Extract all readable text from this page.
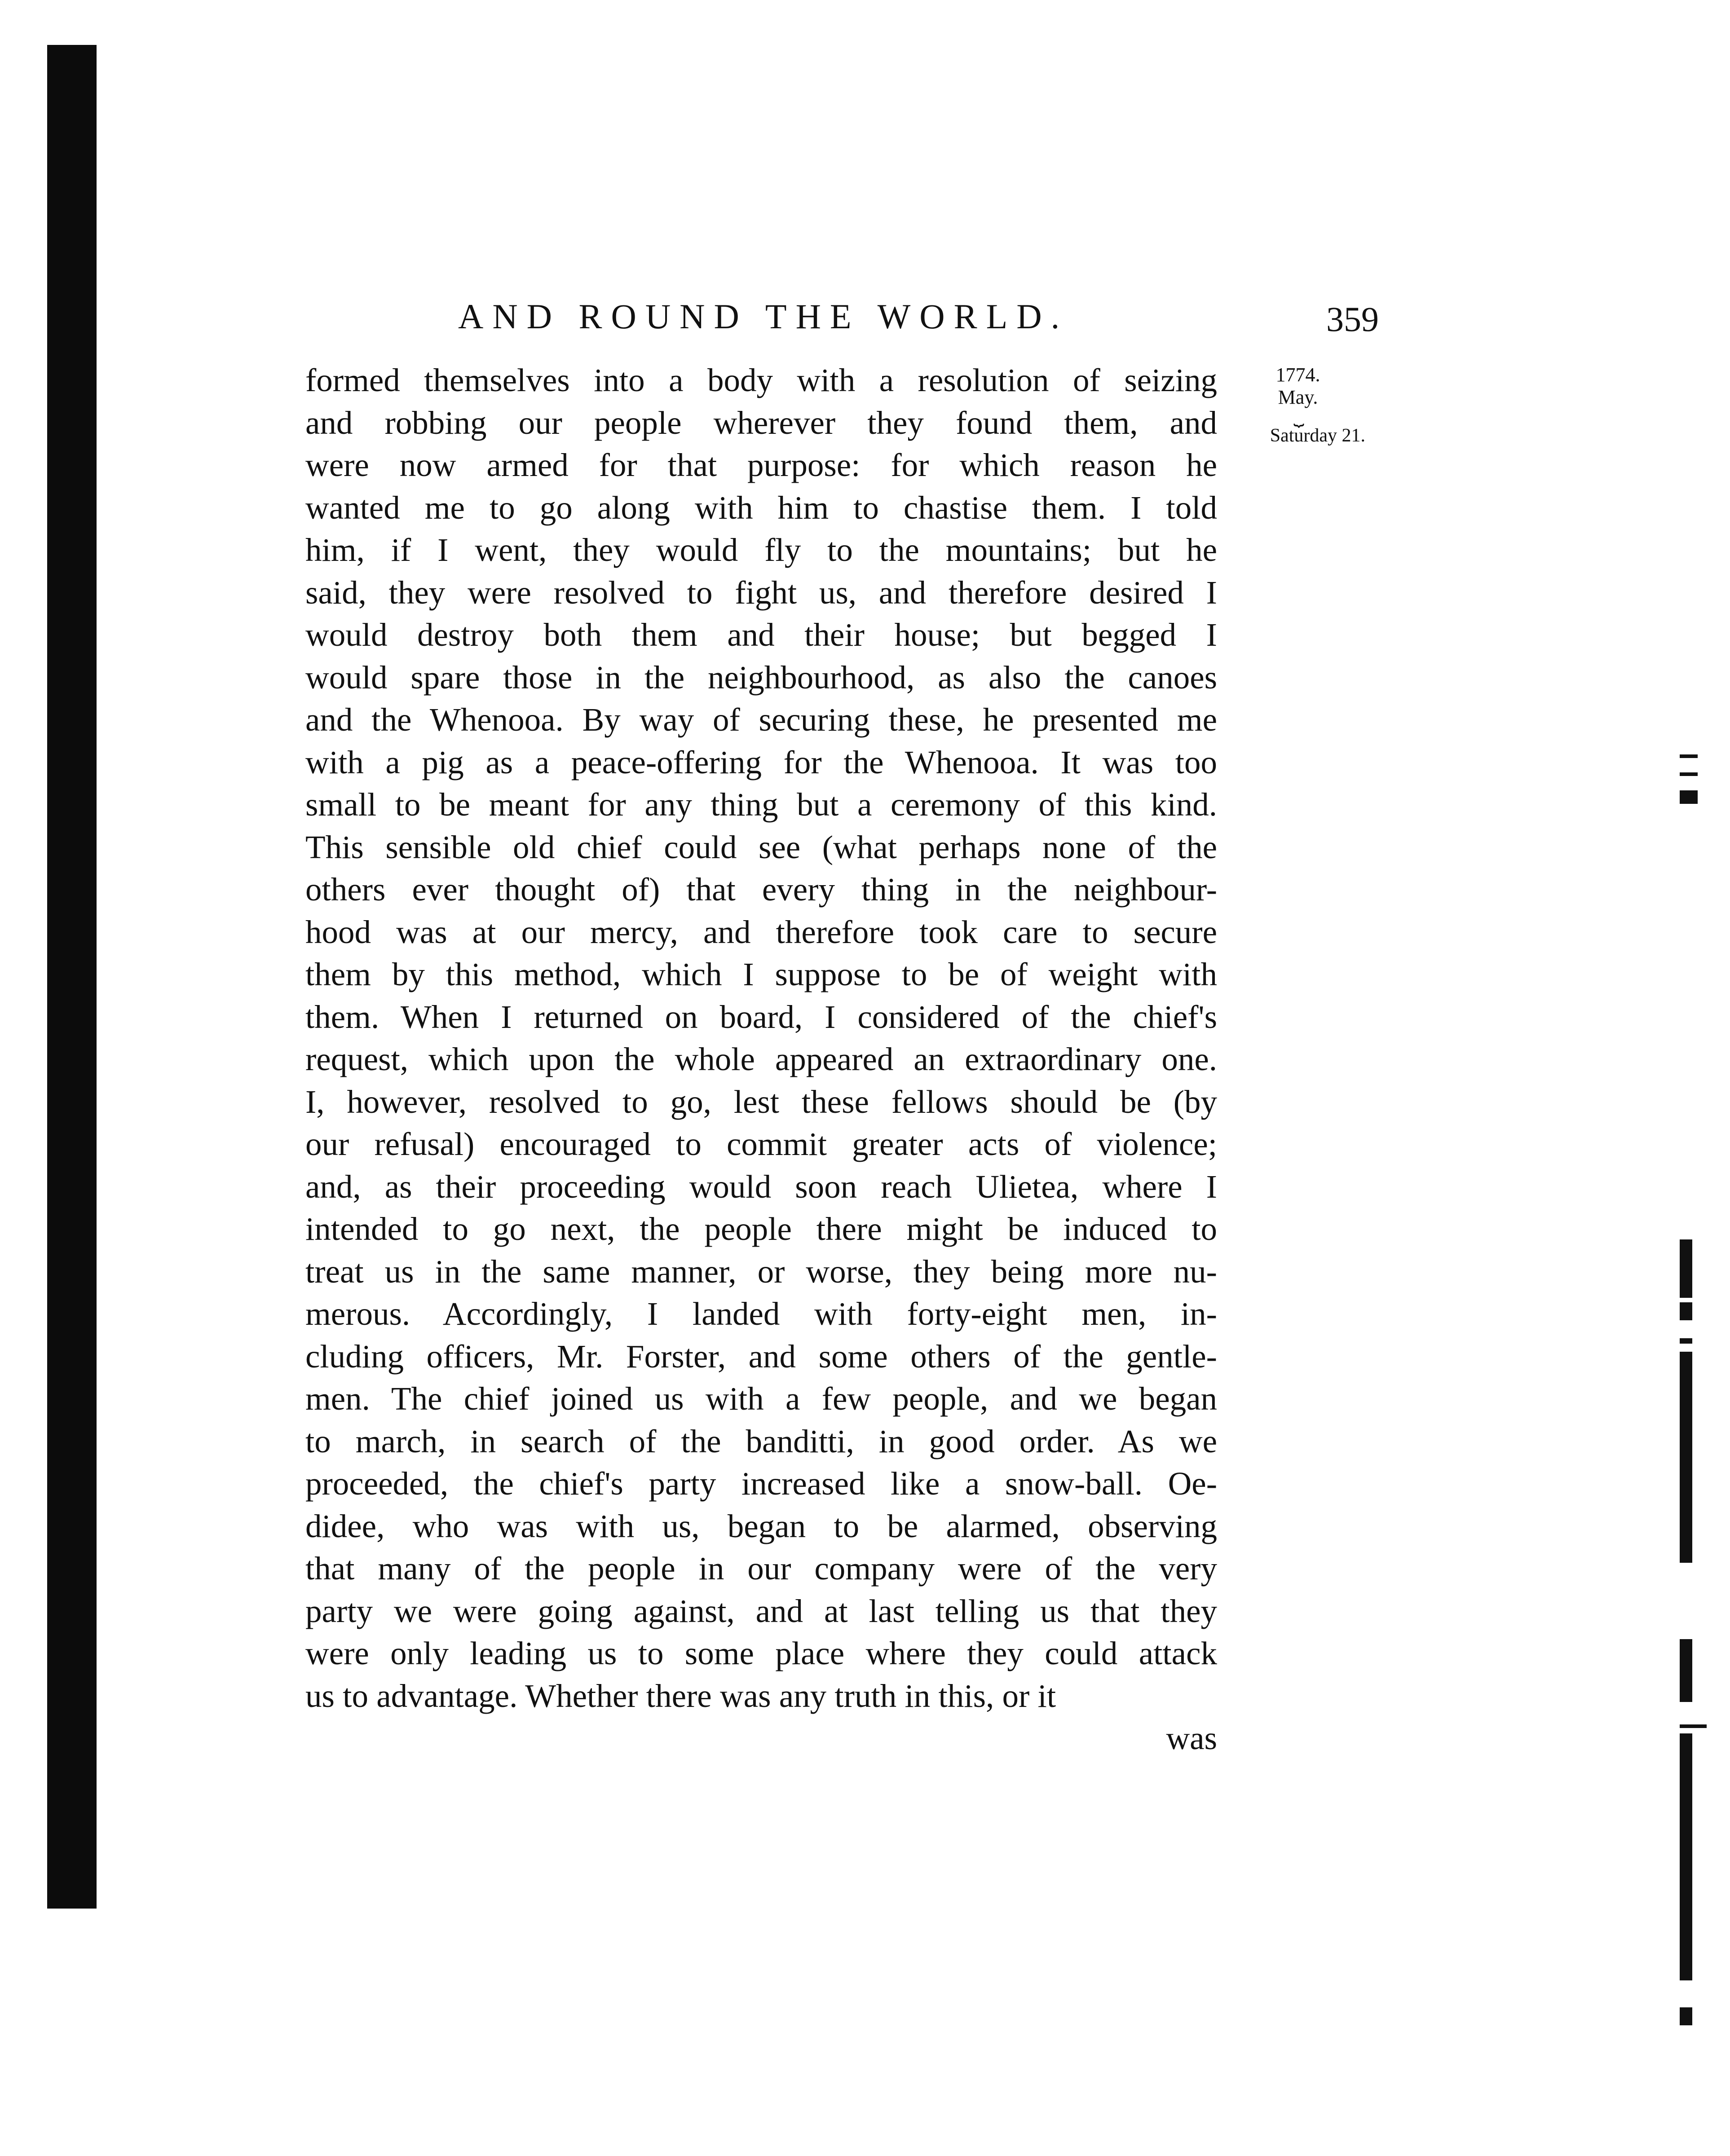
AND ROUND THE WORLD.	359
1774.
May.
⏟
Saturday 21.
formed themselves into a body with a resolution of seizing
and robbing our people wherever they found them, and
were now armed for that purpose: for which reason he
wanted me to go along with him to chastise them. I told
him, if I went, they would fly to the mountains; but he
said, they were resolved to fight us, and therefore desired I
would destroy both them and their house; but begged I
would spare those in the neighbourhood, as also the canoes
and the Whenooa. By way of securing these, he presented me
with a pig as a peace-offering for the Whenooa. It was too
small to be meant for any thing but a ceremony of this kind.
This sensible old chief could see (what perhaps none of the
others ever thought of) that every thing in the neighbour-
hood was at our mercy, and therefore took care to secure
them by this method, which I suppose to be of weight with
them. When I returned on board, I considered of the chief's
request, which upon the whole appeared an extraordinary one.
I, however, resolved to go, lest these fellows should be (by
our refusal) encouraged to commit greater acts of violence;
and, as their proceeding would soon reach Ulietea, where I
intended to go next, the people there might be induced to
treat us in the same manner, or worse, they being more nu-
merous. Accordingly, I landed with forty-eight men, in-
cluding officers, Mr. Forster, and some others of the gentle-
men. The chief joined us with a few people, and we began
to march, in search of the banditti, in good order. As we
proceeded, the chief's party increased like a snow-ball. Oe-
didee, who was with us, began to be alarmed, observing
that many of the people in our company were of the very
party we were going against, and at last telling us that they
were only leading us to some place where they could attack
us to advantage. Whether there was any truth in this, or it
was
